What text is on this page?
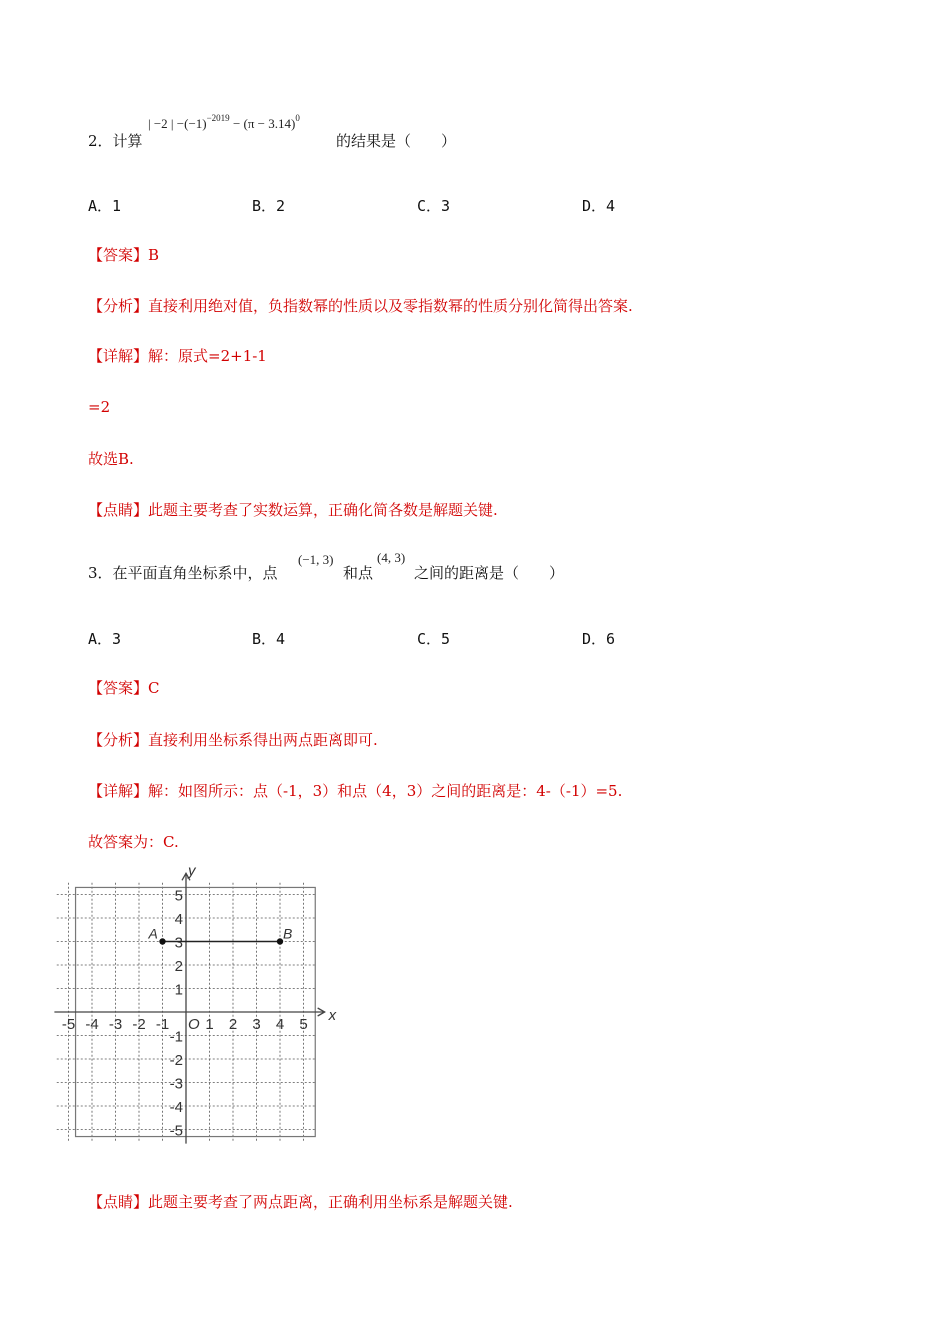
2．计算
| −2 | $-(-1)^{-2019} - (\pi - 3.14)^0$
的结果是（　　）
A．1	B．2	C．3	D．4
【答案】B
【分析】直接利用绝对值，负指数幂的性质以及零指数幂的性质分别化简得出答案.
【详解】解：原式=2+1-1
=2
故选B.
【点睛】此题主要考查了实数运算，正确化简各数是解题关键.
3．在平面直角坐标系中，点
(−1, 3)
和点
(4, 3)
之间的距离是（　　）
A．3	B．4	C．5	D．6
【答案】C
【分析】直接利用坐标系得出两点距离即可.
【详解】解：如图所示：点（-1，3）和点（4，3）之间的距离是：4-（-1）=5.
故答案为：C.
x
y
O
-5 -4 -3 -2 -1 1 2 3 4 5
5
4
3
2
1
-1
-2
-3
-4
-5
A	B
【点睛】此题主要考查了两点距离，正确利用坐标系是解题关键.
